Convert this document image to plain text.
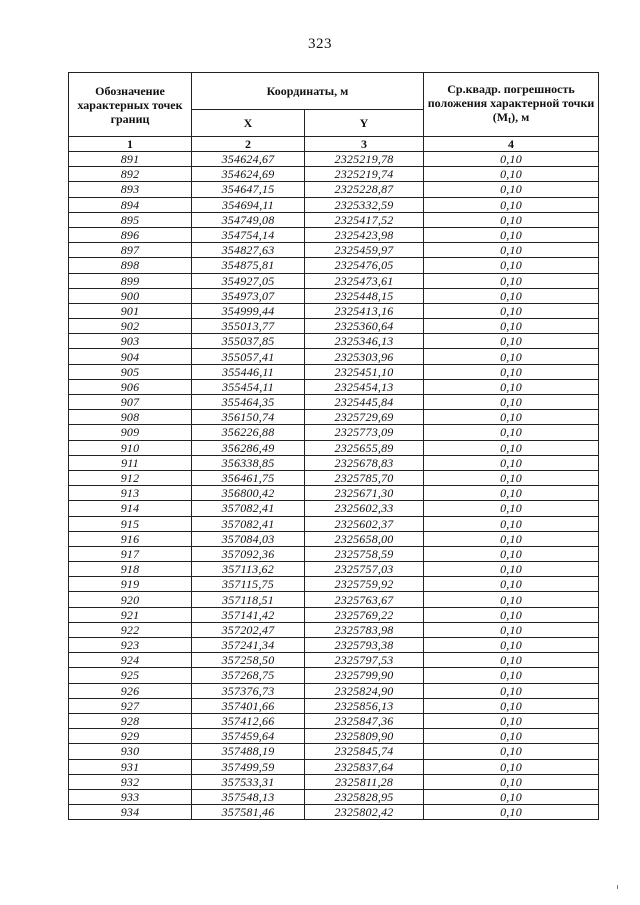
323
Обозначение характерных точек границ	Координаты, м		Ср.квадр. погрешность положения характерной точки (Mt), м
	X	Y	
1	2	3	4
891	354624,67	2325219,78	0,10
892	354624,69	2325219,74	0,10
893	354647,15	2325228,87	0,10
894	354694,11	2325332,59	0,10
895	354749,08	2325417,52	0,10
896	354754,14	2325423,98	0,10
897	354827,63	2325459,97	0,10
898	354875,81	2325476,05	0,10
899	354927,05	2325473,61	0,10
900	354973,07	2325448,15	0,10
901	354999,44	2325413,16	0,10
902	355013,77	2325360,64	0,10
903	355037,85	2325346,13	0,10
904	355057,41	2325303,96	0,10
905	355446,11	2325451,10	0,10
906	355454,11	2325454,13	0,10
907	355464,35	2325445,84	0,10
908	356150,74	2325729,69	0,10
909	356226,88	2325773,09	0,10
910	356286,49	2325655,89	0,10
911	356338,85	2325678,83	0,10
912	356461,75	2325785,70	0,10
913	356800,42	2325671,30	0,10
914	357082,41	2325602,33	0,10
915	357082,41	2325602,37	0,10
916	357084,03	2325658,00	0,10
917	357092,36	2325758,59	0,10
918	357113,62	2325757,03	0,10
919	357115,75	2325759,92	0,10
920	357118,51	2325763,67	0,10
921	357141,42	2325769,22	0,10
922	357202,47	2325783,98	0,10
923	357241,34	2325793,38	0,10
924	357258,50	2325797,53	0,10
925	357268,75	2325799,90	0,10
926	357376,73	2325824,90	0,10
927	357401,66	2325856,13	0,10
928	357412,66	2325847,36	0,10
929	357459,64	2325809,90	0,10
930	357488,19	2325845,74	0,10
931	357499,59	2325837,64	0,10
932	357533,31	2325811,28	0,10
933	357548,13	2325828,95	0,10
934	357581,46	2325802,42	0,10
